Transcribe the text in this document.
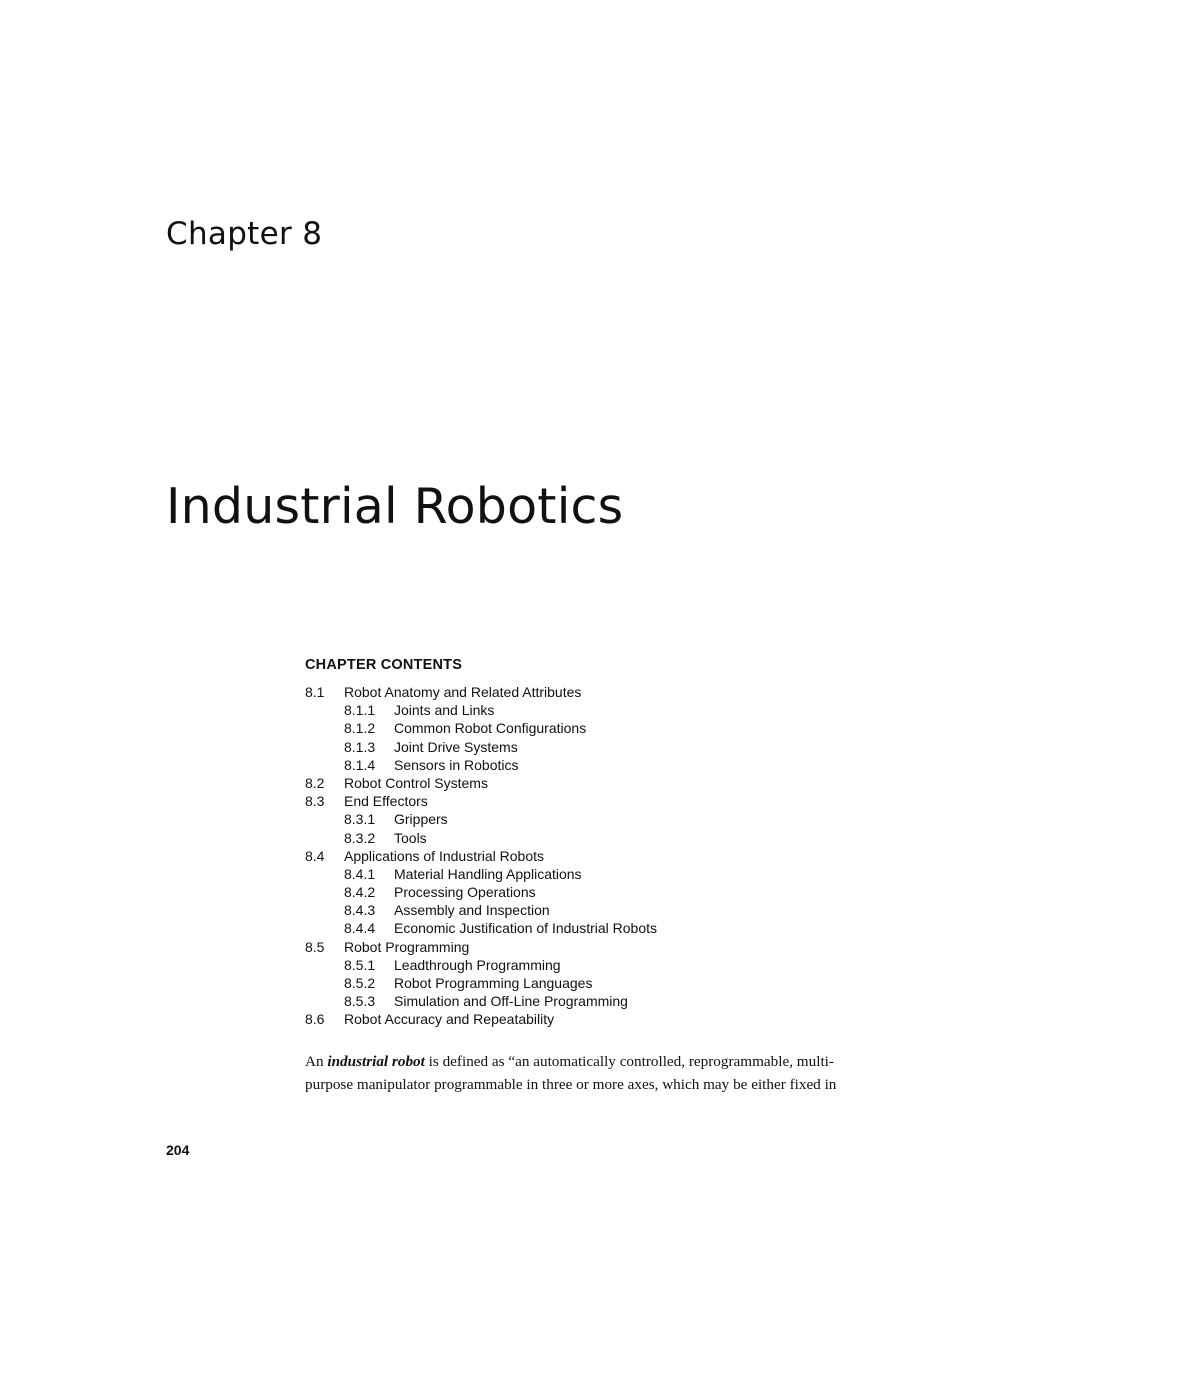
Chapter 8
Industrial Robotics
CHAPTER CONTENTS
8.1	Robot Anatomy and Related Attributes
8.1.1	Joints and Links
8.1.2	Common Robot Configurations
8.1.3	Joint Drive Systems
8.1.4	Sensors in Robotics
8.2	Robot Control Systems
8.3	End Effectors
8.3.1	Grippers
8.3.2	Tools
8.4	Applications of Industrial Robots
8.4.1	Material Handling Applications
8.4.2	Processing Operations
8.4.3	Assembly and Inspection
8.4.4	Economic Justification of Industrial Robots
8.5	Robot Programming
8.5.1	Leadthrough Programming
8.5.2	Robot Programming Languages
8.5.3	Simulation and Off-Line Programming
8.6	Robot Accuracy and Repeatability

An industrial robot is defined as “an automatically controlled, reprogrammable, multi-
purpose manipulator programmable in three or more axes, which may be either fixed in

204
